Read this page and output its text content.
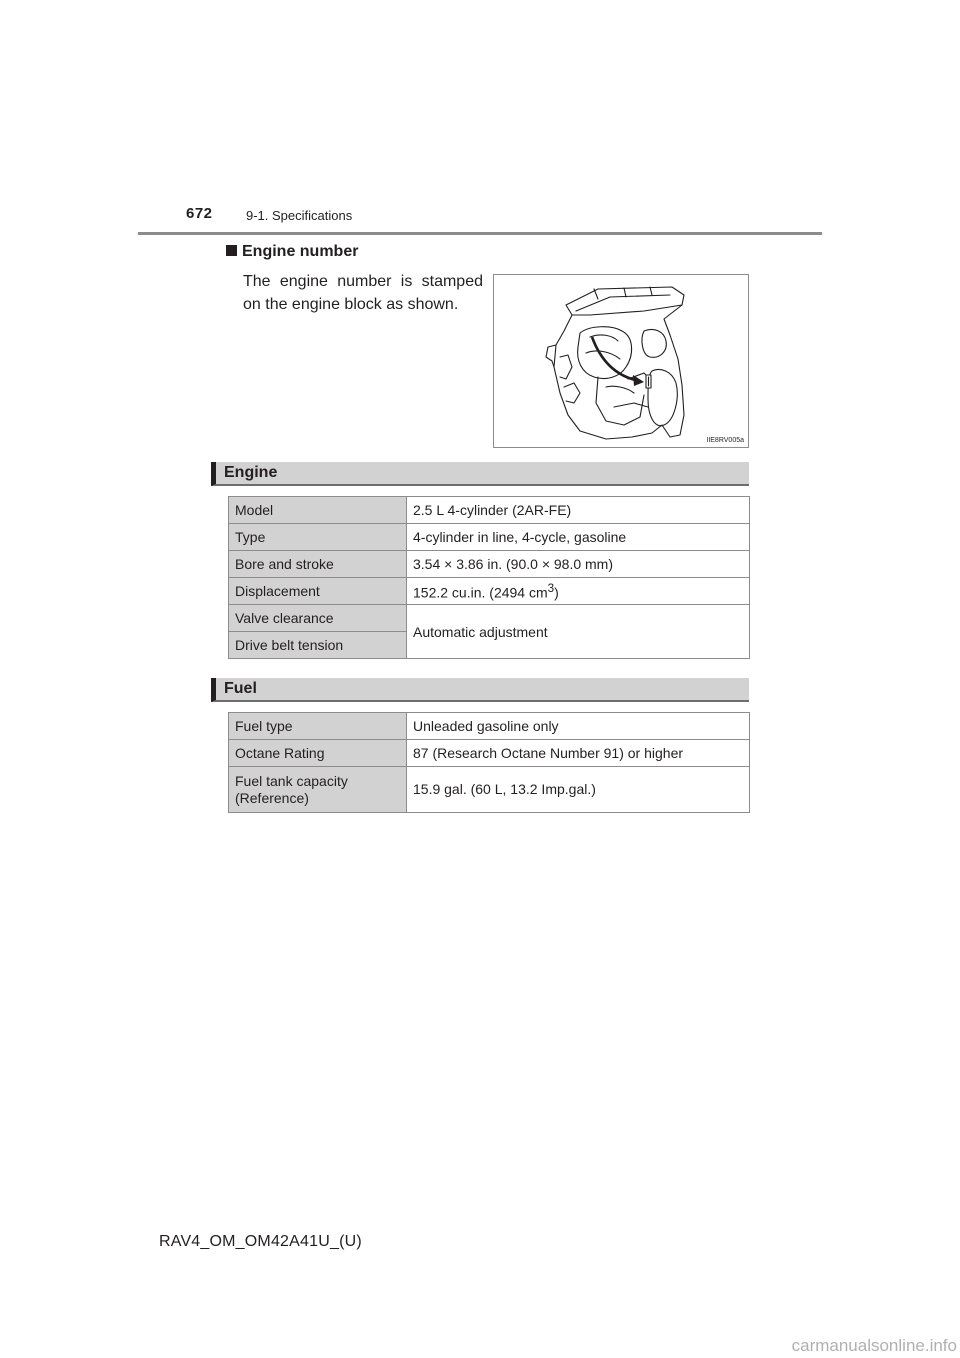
672	9-1. Specifications
Engine number
The engine number is stamped on the engine block as shown.
IIE8RV005a
Engine
Model	2.5 L 4-cylinder (2AR-FE)
Type	4-cylinder in line, 4-cycle, gasoline
Bore and stroke	3.54 × 3.86 in. (90.0 × 98.0 mm)
Displacement	152.2 cu.in. (2494 $cm^3$)
Valve clearance	Automatic adjustment
Drive belt tension	
Fuel
Fuel type	Unleaded gasoline only
Octane Rating	87 (Research Octane Number 91) or higher
Fuel tank capacity
(Reference)	15.9 gal. (60 L, 13.2 Imp.gal.)
RAV4_OM_OM42A41U_(U)
carmanualsonline.info
